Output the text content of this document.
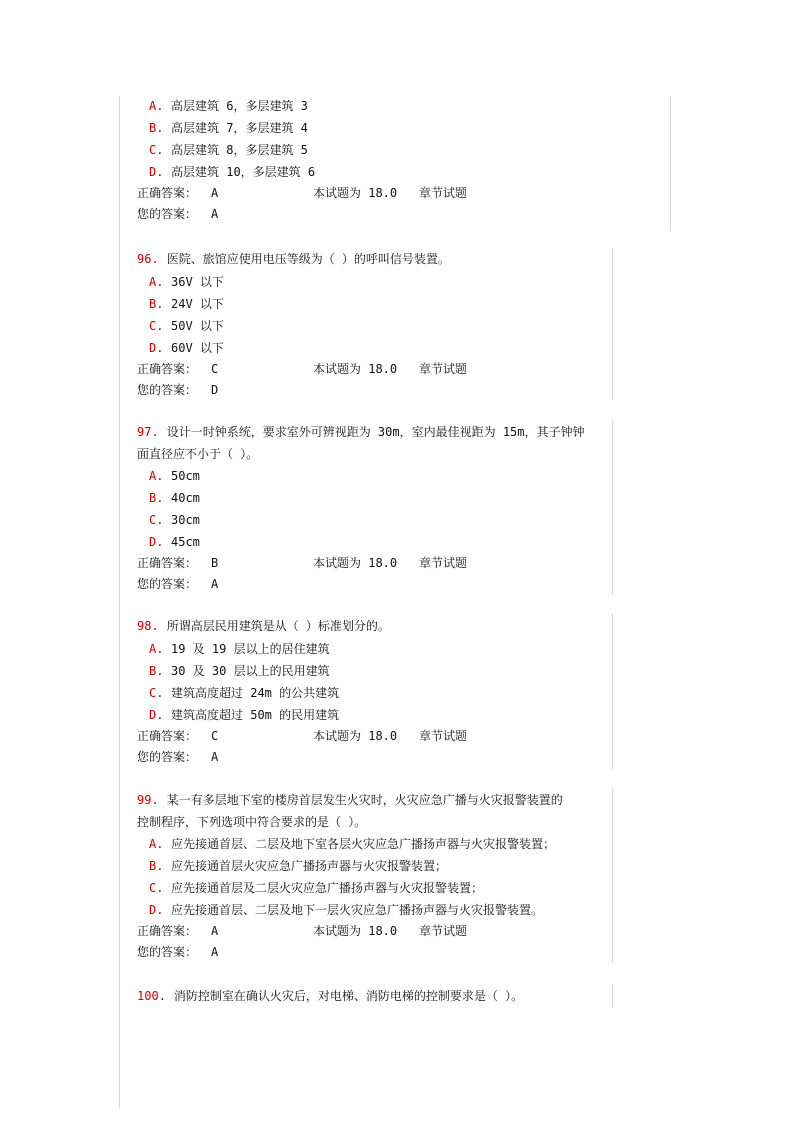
A. 高层建筑 6，多层建筑 3
B. 高层建筑 7，多层建筑 4
C. 高层建筑 8，多层建筑 5
D. 高层建筑 10，多层建筑 6
正确答案：	A	本试题为 18.0	章节试题
您的答案：	A
96. 医院、旅馆应使用电压等级为（ ）的呼叫信号装置。
A. 36V 以下
B. 24V 以下
C. 50V 以下
D. 60V 以下
正确答案：	C	本试题为 18.0	章节试题
您的答案：	D
97. 设计一时钟系统，要求室外可辨视距为 30m，室内最佳视距为 15m，其子钟钟
面直径应不小于（ ）。
A. 50cm
B. 40cm
C. 30cm
D. 45cm
正确答案：	B	本试题为 18.0	章节试题
您的答案：	A
98. 所谓高层民用建筑是从（ ）标准划分的。
A. 19 及 19 层以上的居住建筑
B. 30 及 30 层以上的民用建筑
C. 建筑高度超过 24m 的公共建筑
D. 建筑高度超过 50m 的民用建筑
正确答案：	C	本试题为 18.0	章节试题
您的答案：	A
99. 某一有多层地下室的楼房首层发生火灾时，火灾应急广播与火灾报警装置的
控制程序，下列选项中符合要求的是（ ）。
A. 应先接通首层、二层及地下室各层火灾应急广播扬声器与火灾报警装置；
B. 应先接通首层火灾应急广播扬声器与火灾报警装置；
C. 应先接通首层及二层火灾应急广播扬声器与火灾报警装置；
D. 应先接通首层、二层及地下一层火灾应急广播扬声器与火灾报警装置。
正确答案：	A	本试题为 18.0	章节试题
您的答案：	A
100. 消防控制室在确认火灾后，对电梯、消防电梯的控制要求是（ ）。
